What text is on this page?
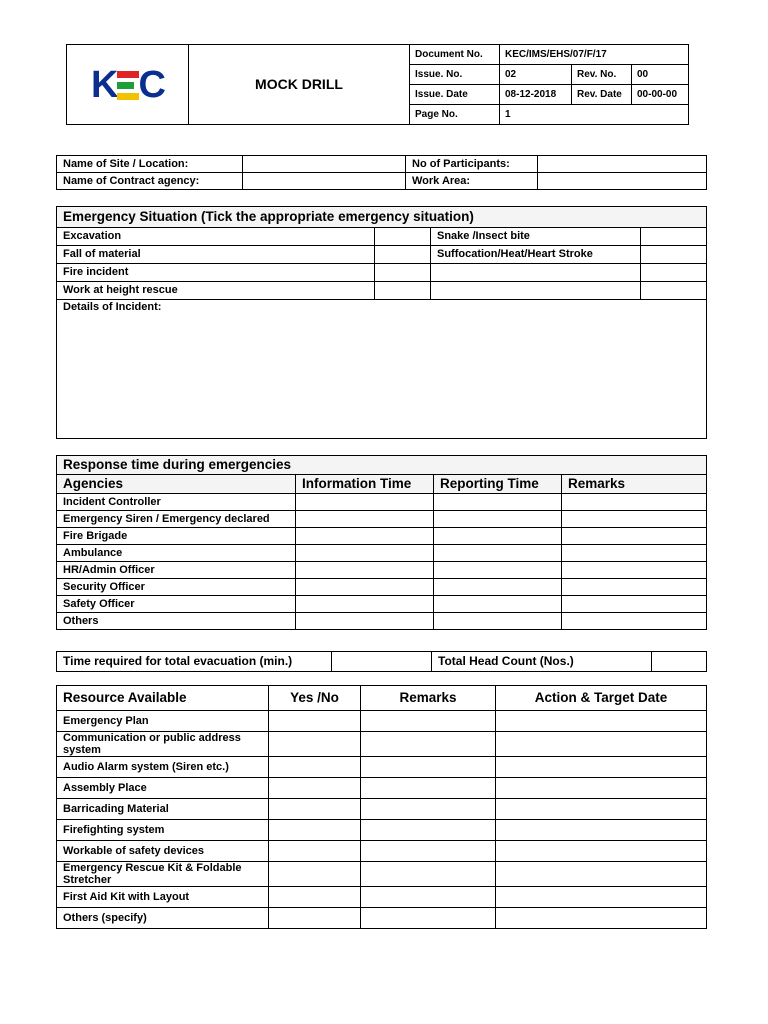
K C	MOCK DRILL	Document No.	KEC/IMS/EHS/07/F/17		
		Issue. No.	02	Rev. No.	00
		Issue. Date	08-12-2018	Rev. Date	00-00-00
		Page No.	1		
Name of Site / Location:		No of Participants:	
Name of Contract agency:		Work Area:	
Emergency Situation (Tick the appropriate emergency situation)			
Excavation		Snake /Insect bite	
Fall of material		Suffocation/Heat/Heart Stroke	
Fire incident			
Work at height rescue			
Details of Incident:			
Response time during emergencies			
Agencies	Information Time	Reporting Time	Remarks
Incident Controller			
Emergency Siren / Emergency declared			
Fire Brigade			
Ambulance			
HR/Admin Officer			
Security Officer			
Safety Officer			
Others			
Time required for total evacuation (min.)		Total Head Count (Nos.)	
Resource Available	Yes /No	Remarks	Action & Target Date
Emergency Plan			
Communication or public address system			
Audio Alarm system (Siren etc.)			
Assembly Place			
Barricading Material			
Firefighting system			
Workable of safety devices			
Emergency Rescue Kit & Foldable Stretcher			
First Aid Kit with Layout			
Others (specify)			
